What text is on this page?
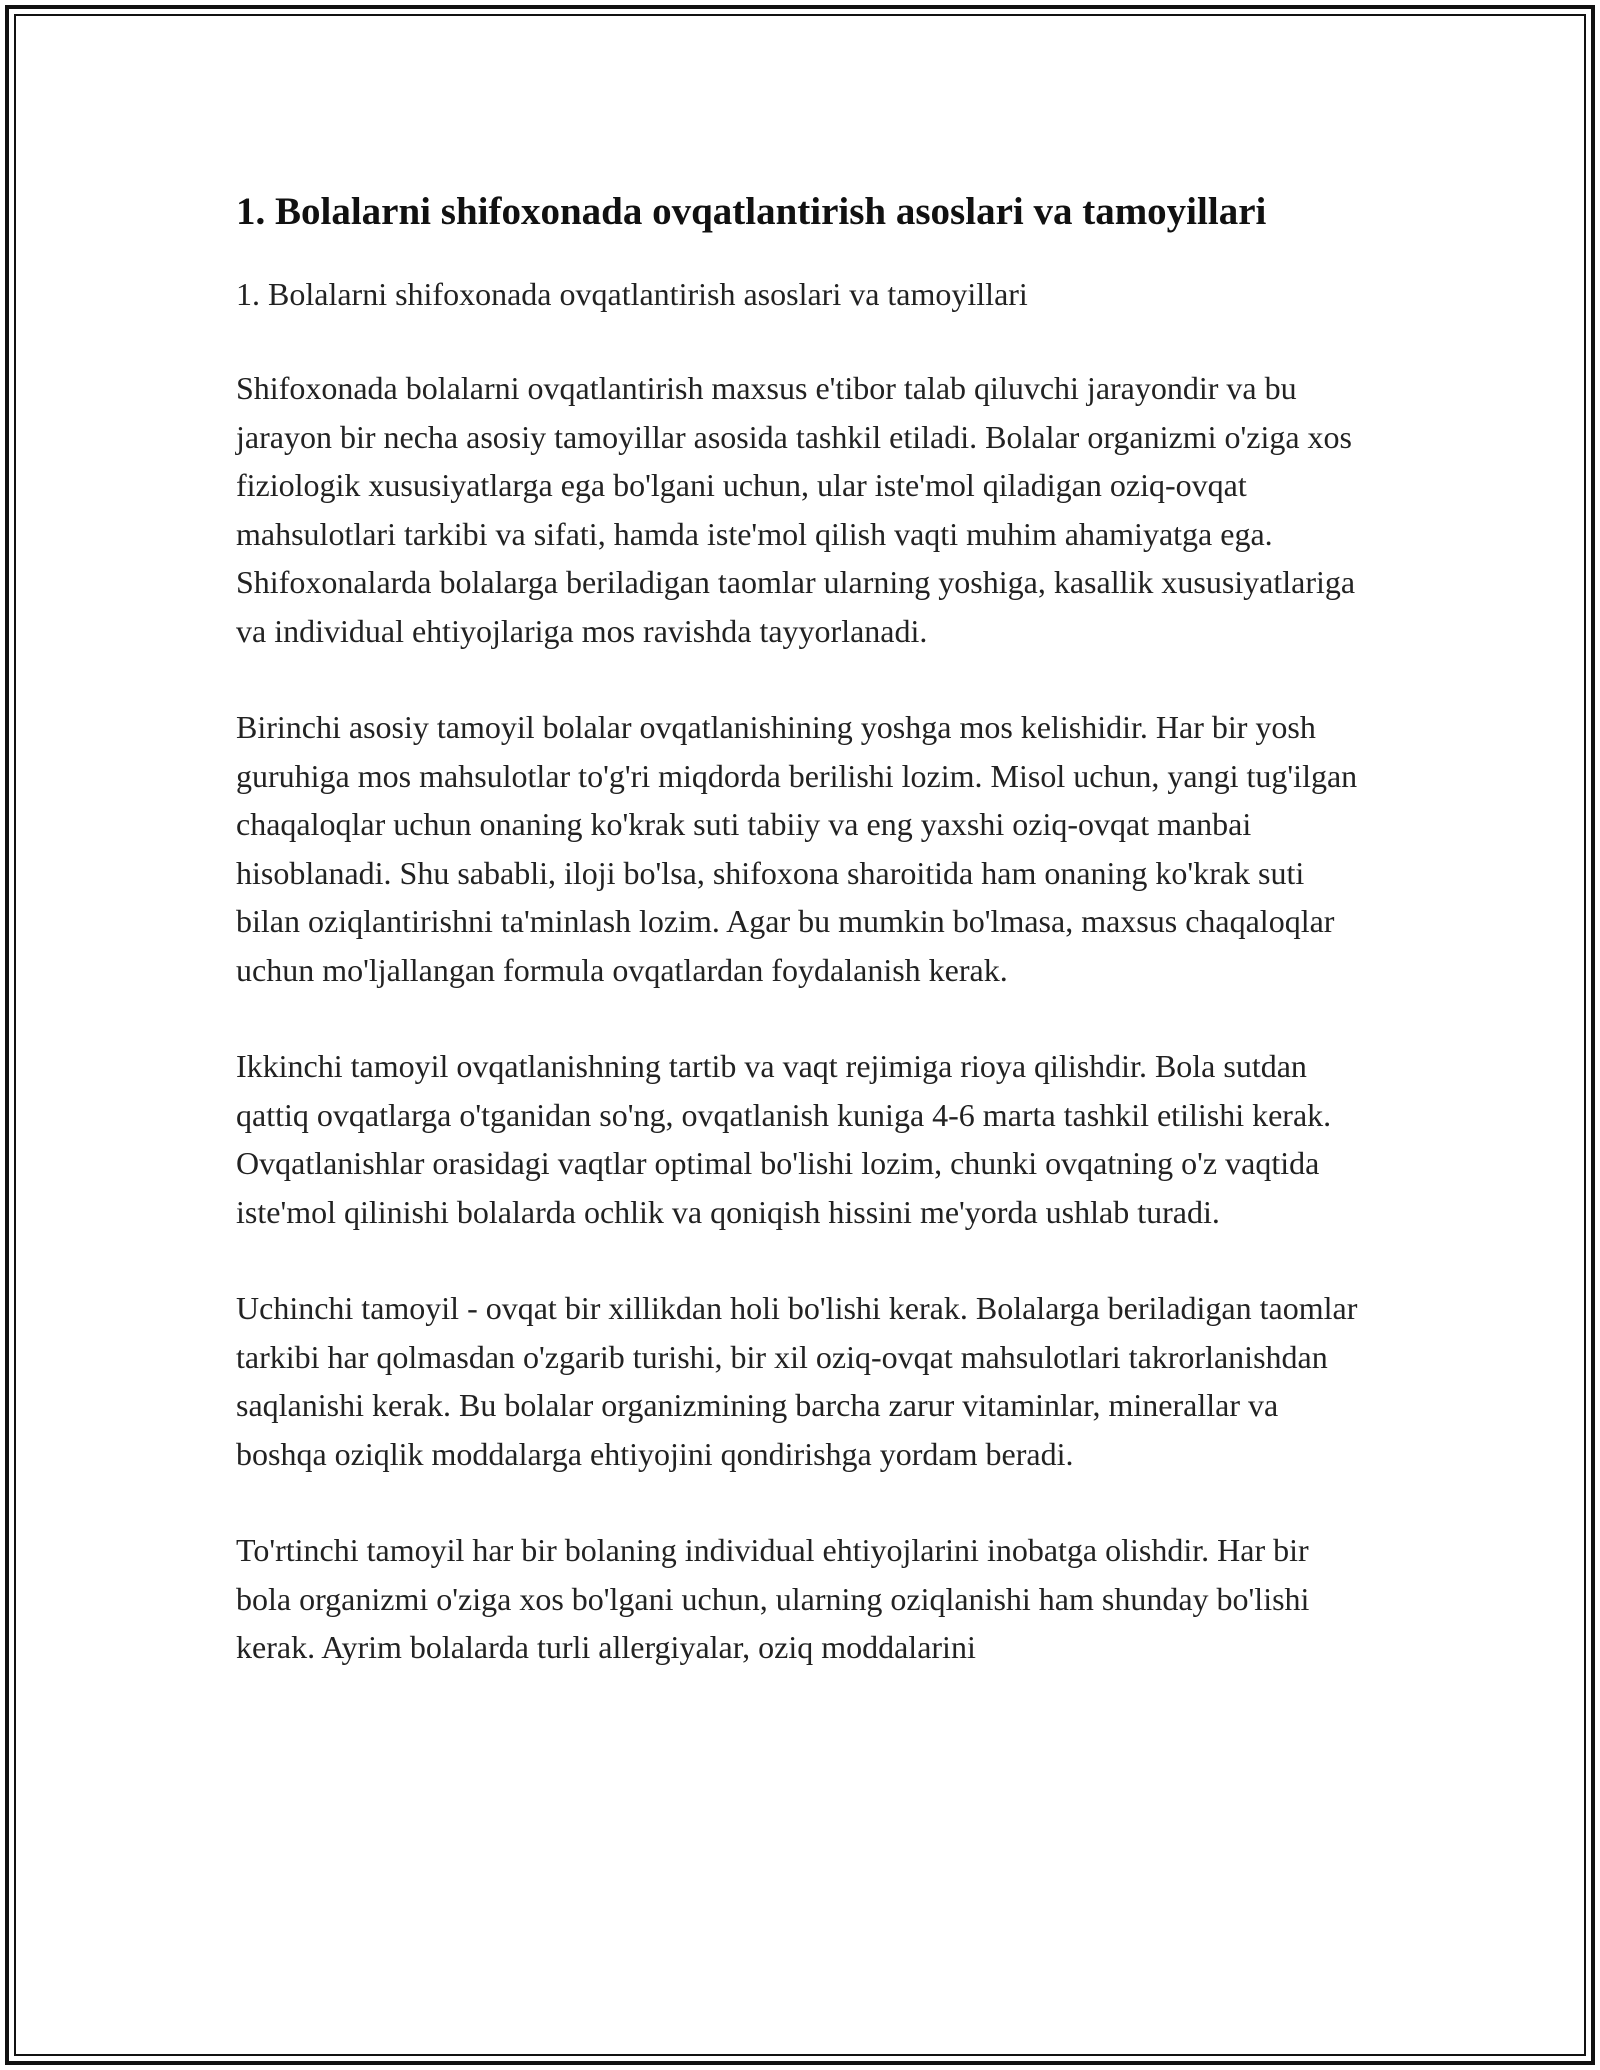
1. Bolalarni shifoxonada ovqatlantirish asoslari va tamoyillari

1. Bolalarni shifoxonada ovqatlantirish asoslari va tamoyillari

Shifoxonada bolalarni ovqatlantirish maxsus e'tibor talab qiluvchi jarayondir va bu jarayon bir necha asosiy tamoyillar asosida tashkil etiladi. Bolalar organizmi o'ziga xos fiziologik xususiyatlarga ega bo'lgani uchun, ular iste'mol qiladigan oziq-ovqat mahsulotlari tarkibi va sifati, hamda iste'mol qilish vaqti muhim ahamiyatga ega. Shifoxonalarda bolalarga beriladigan taomlar ularning yoshiga, kasallik xususiyatlariga va individual ehtiyojlariga mos ravishda tayyorlanadi.

Birinchi asosiy tamoyil bolalar ovqatlanishining yoshga mos kelishidir. Har bir yosh guruhiga mos mahsulotlar to'g'ri miqdorda berilishi lozim. Misol uchun, yangi tug'ilgan chaqaloqlar uchun onaning ko'krak suti tabiiy va eng yaxshi oziq-ovqat manbai hisoblanadi. Shu sababli, iloji bo'lsa, shifoxona sharoitida ham onaning ko'krak suti bilan oziqlantirishni ta'minlash lozim. Agar bu mumkin bo'lmasa, maxsus chaqaloqlar uchun mo'ljallangan formula ovqatlardan foydalanish kerak.

Ikkinchi tamoyil ovqatlanishning tartib va vaqt rejimiga rioya qilishdir. Bola sutdan qattiq ovqatlarga o'tganidan so'ng, ovqatlanish kuniga 4-6 marta tashkil etilishi kerak. Ovqatlanishlar orasidagi vaqtlar optimal bo'lishi lozim, chunki ovqatning o'z vaqtida iste'mol qilinishi bolalarda ochlik va qoniqish hissini me'yorda ushlab turadi.

Uchinchi tamoyil - ovqat bir xillikdan holi bo'lishi kerak. Bolalarga beriladigan taomlar tarkibi har qolmasdan o'zgarib turishi, bir xil oziq-ovqat mahsulotlari takrorlanishdan saqlanishi kerak. Bu bolalar organizmining barcha zarur vitaminlar, minerallar va boshqa oziqlik moddalarga ehtiyojini qondirishga yordam beradi.

To'rtinchi tamoyil har bir bolaning individual ehtiyojlarini inobatga olishdir. Har bir bola organizmi o'ziga xos bo'lgani uchun, ularning oziqlanishi ham shunday bo'lishi kerak. Ayrim bolalarda turli allergiyalar, oziq moddalarini
